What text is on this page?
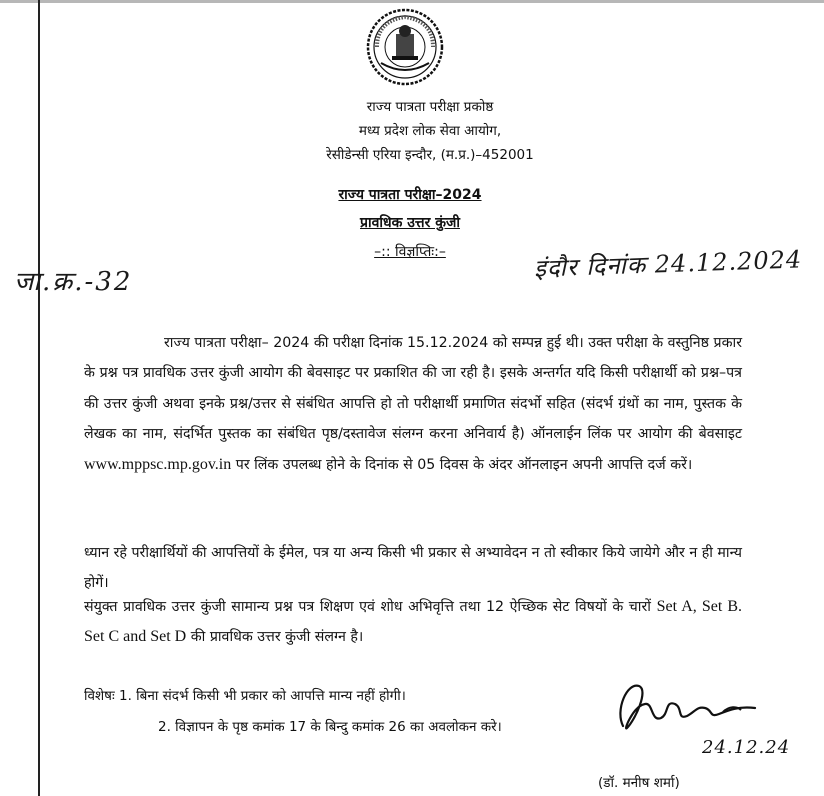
राज्य पात्रता परीक्षा प्रकोष्ठ
मध्य प्रदेश लोक सेवा आयोग,
रेसीडेन्सी एरिया इन्दौर, (म.प्र.)–452001
राज्य पात्रता परीक्षा–2024
प्रावधिक उत्तर कुंजी
–:: विज्ञप्तिः:–
जा.क्र.-32	इंदौर दिनांक 24.12.2024
राज्य पात्रता परीक्षा– 2024 की परीक्षा दिनांक 15.12.2024 को सम्पन्न हुई थी। उक्त परीक्षा के वस्तुनिष्ठ प्रकार के प्रश्न पत्र प्रावधिक उत्तर कुंजी आयोग की बेवसाइट पर प्रकाशित की जा रही है। इसके अन्तर्गत यदि किसी परीक्षार्थी को प्रश्न–पत्र की उत्तर कुंजी अथवा इनके प्रश्न/उत्तर से संबंधित आपत्ति हो तो परीक्षार्थी प्रमाणित संदर्भो सहित (संदर्भ ग्रंथों का नाम, पुस्तक के लेखक का नाम, संदर्भित पुस्तक का संबंधित पृष्ठ/दस्तावेज संलग्न करना अनिवार्य है) ऑनलाईन लिंक पर आयोग की बेवसाइट www.mppsc.mp.gov.in पर लिंक उपलब्ध होने के दिनांक से 05 दिवस के अंदर ऑनलाइन अपनी आपत्ति दर्ज करें।
ध्यान रहे परीक्षार्थियों की आपत्तियों के ईमेल, पत्र या अन्य किसी भी प्रकार से अभ्यावेदन न तो स्वीकार किये जायेगे और न ही मान्य होगें।
संयुक्त प्रावधिक उत्तर कुंजी सामान्य प्रश्न पत्र शिक्षण एवं शोध अभिवृत्ति तथा 12 ऐच्छिक सेट विषयों के चारों Set A, Set B. Set C and Set D की प्रावधिक उत्तर कुंजी संलग्न है।
विशेषः 1. बिना संदर्भ किसी भी प्रकार को आपत्ति मान्य नहीं होगी।
2. विज्ञापन के पृष्ठ कमांक 17 के बिन्दु कमांक 26 का अवलोकन करे।
24.12.24
(डॉ. मनीष शर्मा)
